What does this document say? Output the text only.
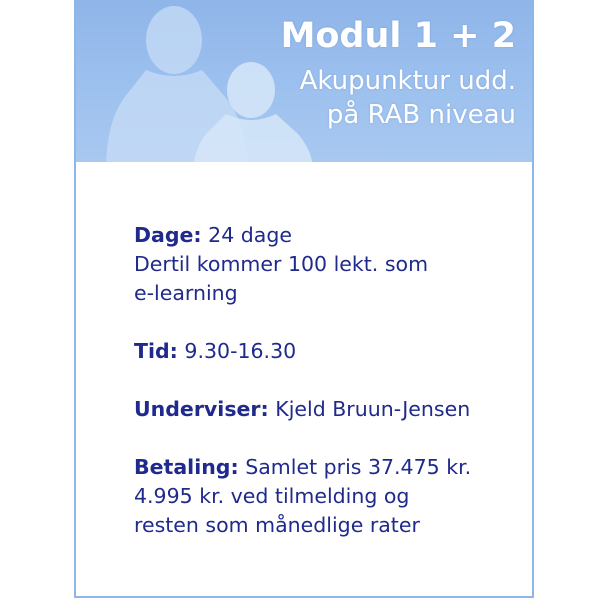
Modul 1 + 2
Akupunktur udd.
på RAB niveau
Dage: 24 dage
Dertil kommer 100 lekt. som
e-learning
Tid: 9.30-16.30
Underviser: Kjeld Bruun-Jensen
Betaling: Samlet pris 37.475 kr.
4.995 kr. ved tilmelding og
resten som månedlige rater
